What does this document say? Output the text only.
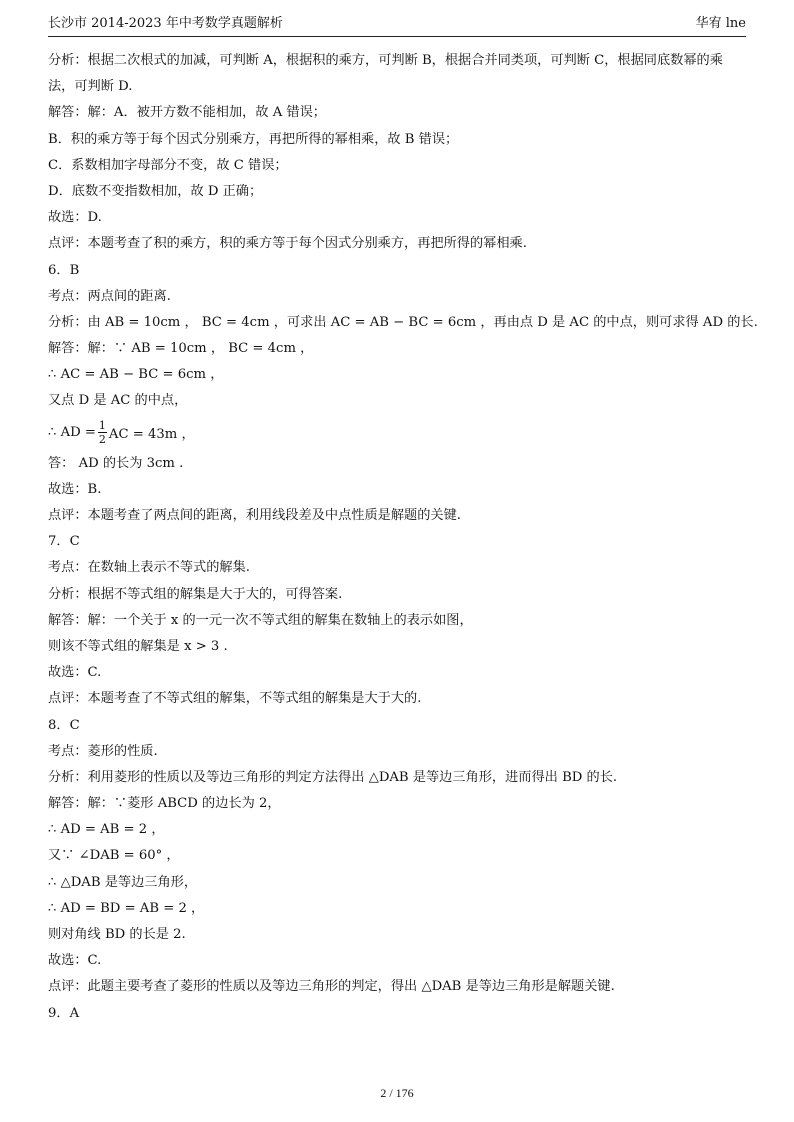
长沙市 2014-2023 年中考数学真题解析	华宥 lne
分析：根据二次根式的加减，可判断 A，根据积的乘方，可判断 B，根据合并同类项，可判断 C，根据同底数幂的乘法，可判断 D.
解答：解：A．被开方数不能相加，故 A 错误；
B．积的乘方等于每个因式分别乘方，再把所得的幂相乘，故 B 错误；
C．系数相加字母部分不变，故 C 错误；
D．底数不变指数相加，故 D 正确；
故选：D.
点评：本题考查了积的乘方，积的乘方等于每个因式分别乘方，再把所得的幂相乘.
6．B
考点：两点间的距离.
分析：由 AB = 10cm ， BC = 4cm ，可求出 AC = AB − BC = 6cm ，再由点 D 是 AC 的中点，则可求得 AD 的长.
解答：解：∵ AB = 10cm ， BC = 4cm ，
∴ AC = AB − BC = 6cm ，
又点 D 是 AC 的中点，
∴ AD = $\frac{1}{2}$ AC = 43m ，
答： AD 的长为 3cm .
故选：B.
点评：本题考查了两点间的距离，利用线段差及中点性质是解题的关键.
7．C
考点：在数轴上表示不等式的解集.
分析：根据不等式组的解集是大于大的，可得答案.
解答：解：一个关于 x 的一元一次不等式组的解集在数轴上的表示如图，
则该不等式组的解集是 x > 3 .
故选：C.
点评：本题考查了不等式组的解集，不等式组的解集是大于大的.
8．C
考点：菱形的性质.
分析：利用菱形的性质以及等边三角形的判定方法得出 △DAB 是等边三角形，进而得出 BD 的长.
解答：解：∵菱形 ABCD 的边长为 2，
∴ AD = AB = 2 ，
又∵ ∠DAB = 60° ，
∴ △DAB 是等边三角形，
∴ AD = BD = AB = 2 ，
则对角线 BD 的长是 2.
故选：C.
点评：此题主要考查了菱形的性质以及等边三角形的判定，得出 △DAB 是等边三角形是解题关键.
9．A
2 / 176
